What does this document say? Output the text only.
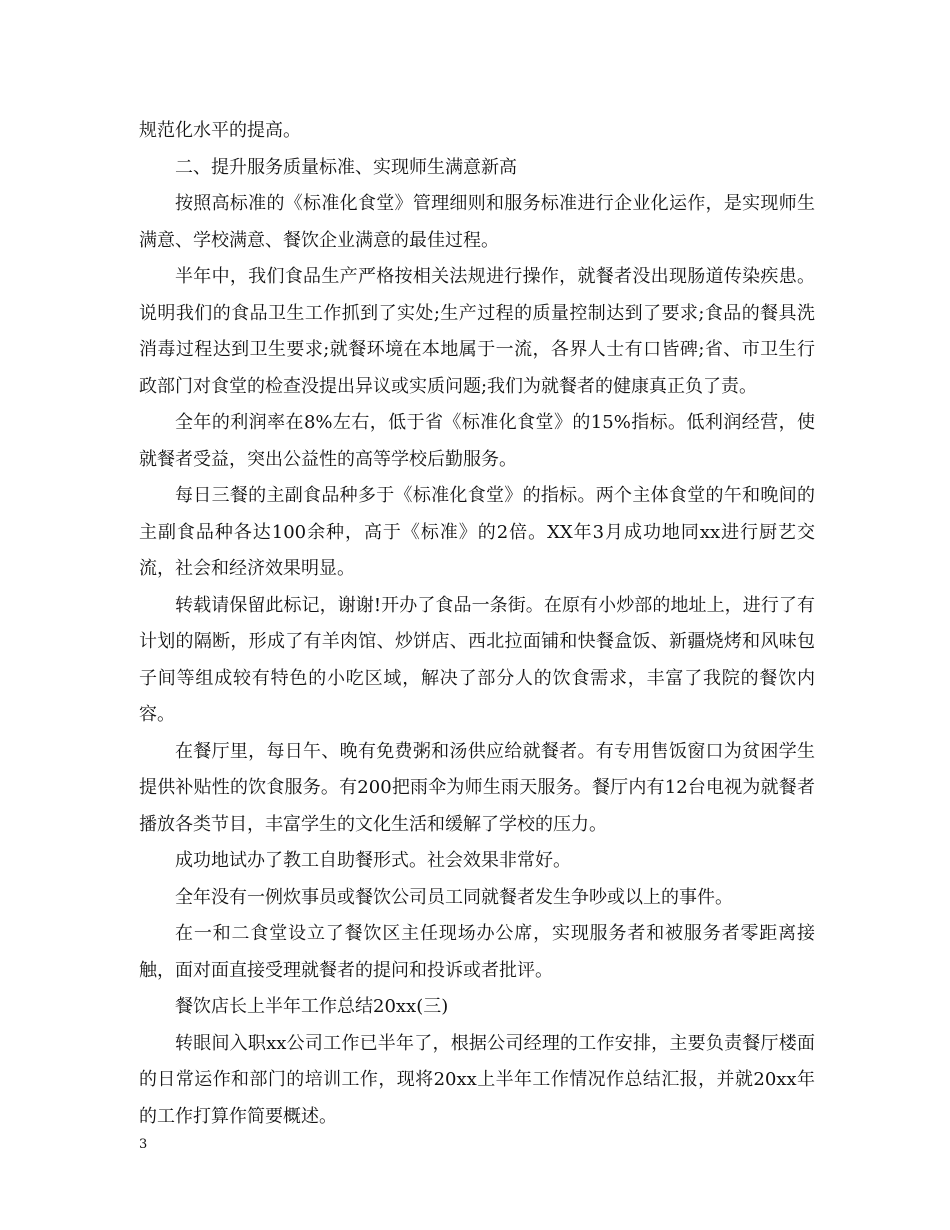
规范化水平的提高。

二、提升服务质量标准、实现师生满意新高

按照高标准的《标准化食堂》管理细则和服务标准进行企业化运作，是实现师生满意、学校满意、餐饮企业满意的最佳过程。

半年中，我们食品生产严格按相关法规进行操作，就餐者没出现肠道传染疾患。说明我们的食品卫生工作抓到了实处;生产过程的质量控制达到了要求;食品的餐具洗消毒过程达到卫生要求;就餐环境在本地属于一流，各界人士有口皆碑;省、市卫生行政部门对食堂的检查没提出异议或实质问题;我们为就餐者的健康真正负了责。

全年的利润率在8%左右，低于省《标准化食堂》的15%指标。低利润经营，使就餐者受益，突出公益性的高等学校后勤服务。

每日三餐的主副食品种多于《标准化食堂》的指标。两个主体食堂的午和晚间的主副食品种各达100余种，高于《标准》的2倍。XX年3月成功地同xx进行厨艺交流，社会和经济效果明显。

转载请保留此标记，谢谢!开办了食品一条街。在原有小炒部的地址上，进行了有计划的隔断，形成了有羊肉馆、炒饼店、西北拉面铺和快餐盒饭、新疆烧烤和风味包子间等组成较有特色的小吃区域，解决了部分人的饮食需求，丰富了我院的餐饮内容。

在餐厅里，每日午、晚有免费粥和汤供应给就餐者。有专用售饭窗口为贫困学生提供补贴性的饮食服务。有200把雨伞为师生雨天服务。餐厅内有12台电视为就餐者播放各类节目，丰富学生的文化生活和缓解了学校的压力。

成功地试办了教工自助餐形式。社会效果非常好。

全年没有一例炊事员或餐饮公司员工同就餐者发生争吵或以上的事件。

在一和二食堂设立了餐饮区主任现场办公席，实现服务者和被服务者零距离接触，面对面直接受理就餐者的提问和投诉或者批评。

餐饮店长上半年工作总结20xx(三)

转眼间入职xx公司工作已半年了，根据公司经理的工作安排，主要负责餐厅楼面的日常运作和部门的培训工作，现将20xx上半年工作情况作总结汇报，并就20xx年的工作打算作简要概述。

3
